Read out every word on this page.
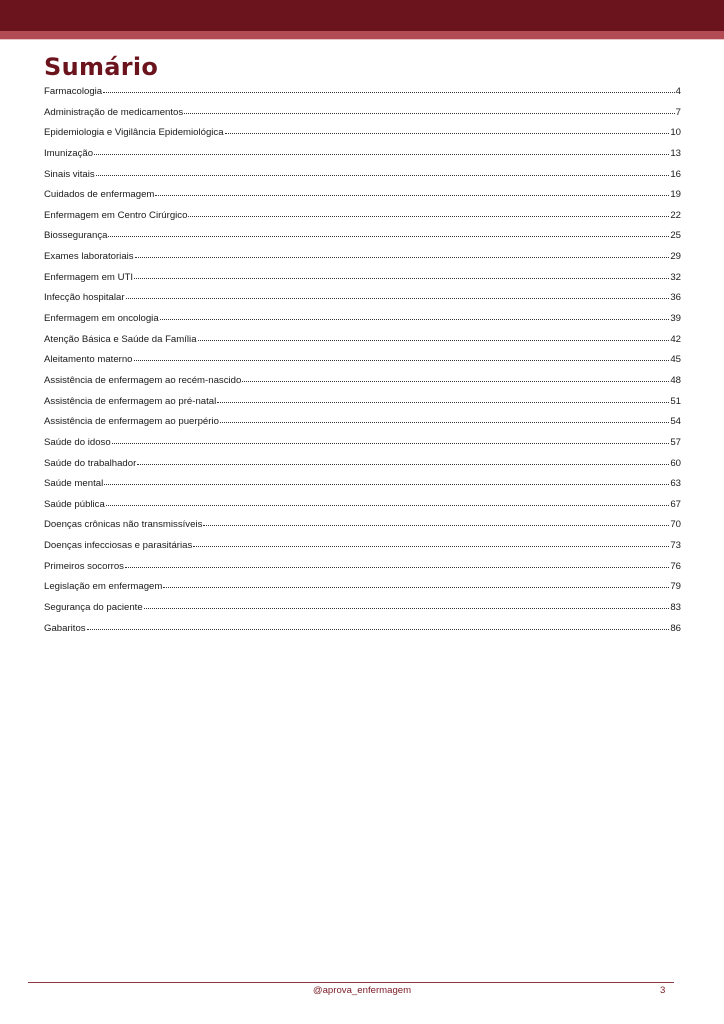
Sumário
Farmacologia	4
Administração de medicamentos	7
Epidemiologia e Vigilância Epidemiológica	10
Imunização	13
Sinais vitais	16
Cuidados de enfermagem	19
Enfermagem em Centro Cirúrgico	22
Biossegurança	25
Exames laboratoriais	29
Enfermagem em UTI	32
Infecção hospitalar	36
Enfermagem em oncologia	39
Atenção Básica e Saúde da Família	42
Aleitamento materno	45
Assistência de enfermagem ao recém-nascido	48
Assistência de enfermagem ao pré-natal	51
Assistência de enfermagem ao puerpério	54
Saúde do idoso	57
Saúde do trabalhador	60
Saúde mental	63
Saúde pública	67
Doenças crônicas não transmissíveis	70
Doenças infecciosas e parasitárias	73
Primeiros socorros	76
Legislação em enfermagem	79
Segurança do paciente	83
Gabaritos	86
@aprova_enfermagem	3
